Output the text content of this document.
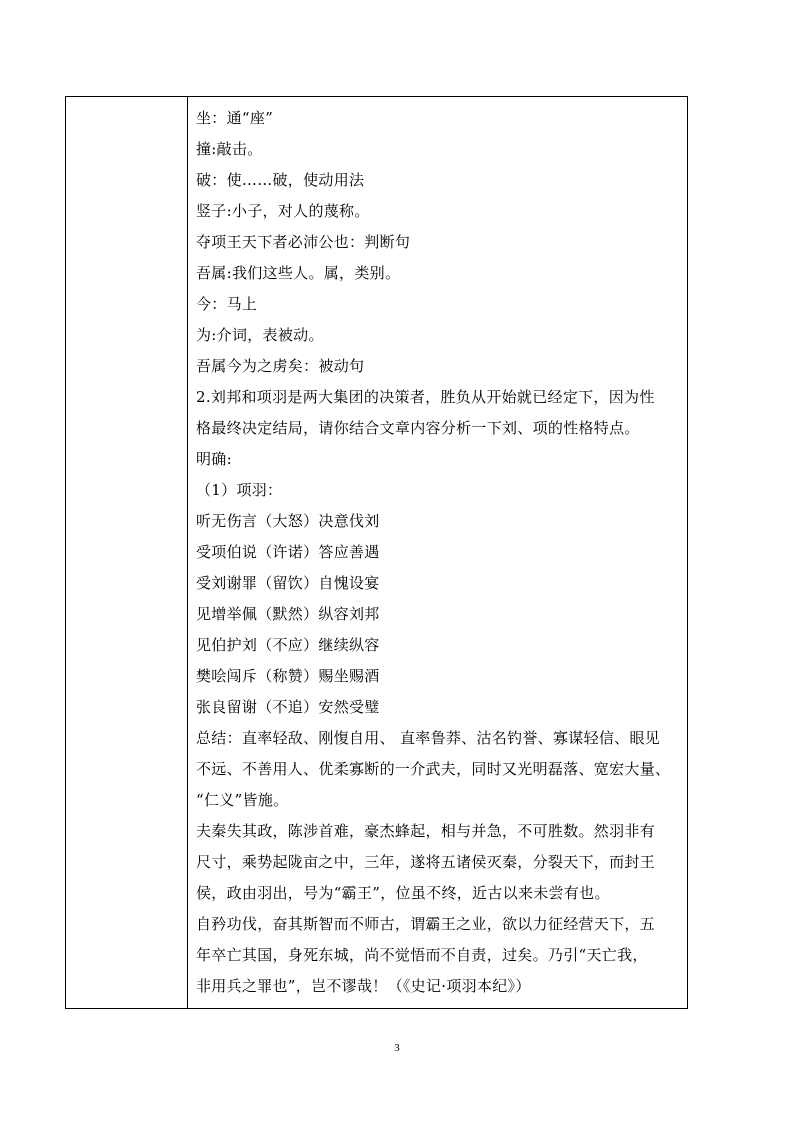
坐：通“座”
撞:敲击。
破：使……破，使动用法
竖子:小子，对人的蔑称。
夺项王天下者必沛公也：判断句
吾属:我们这些人。属，类别。
今：马上
为:介词，表被动。
吾属今为之虏矣：被动句
2.刘邦和项羽是两大集团的决策者，胜负从开始就已经定下，因为性
格最终决定结局，请你结合文章内容分析一下刘、项的性格特点。
明确:
（1）项羽：
听无伤言（大怒）决意伐刘
受项伯说（许诺）答应善遇
受刘谢罪（留饮）自愧设宴
见增举佩（默然）纵容刘邦
见伯护刘（不应）继续纵容
樊哙闯斥（称赞）赐坐赐酒
张良留谢（不追）安然受璧
总结：直率轻敌、刚愎自用、 直率鲁莽、沽名钓誉、寡谋轻信、眼见
不远、不善用人、优柔寡断的一介武夫，同时又光明磊落、宽宏大量、
“仁义”皆施。
夫秦失其政，陈涉首难，豪杰蜂起，相与并急，不可胜数。然羽非有
尺寸，乘势起陇亩之中，三年，遂将五诸侯灭秦，分裂天下，而封王
侯，政由羽出，号为“霸王”，位虽不终，近古以来未尝有也。
自矜功伐，奋其斯智而不师古，谓霸王之业，欲以力征经营天下，五
年卒亡其国，身死东城，尚不觉悟而不自责，过矣。乃引“天亡我，
非用兵之罪也”，岂不谬哉！（《史记·项羽本纪》）
3
